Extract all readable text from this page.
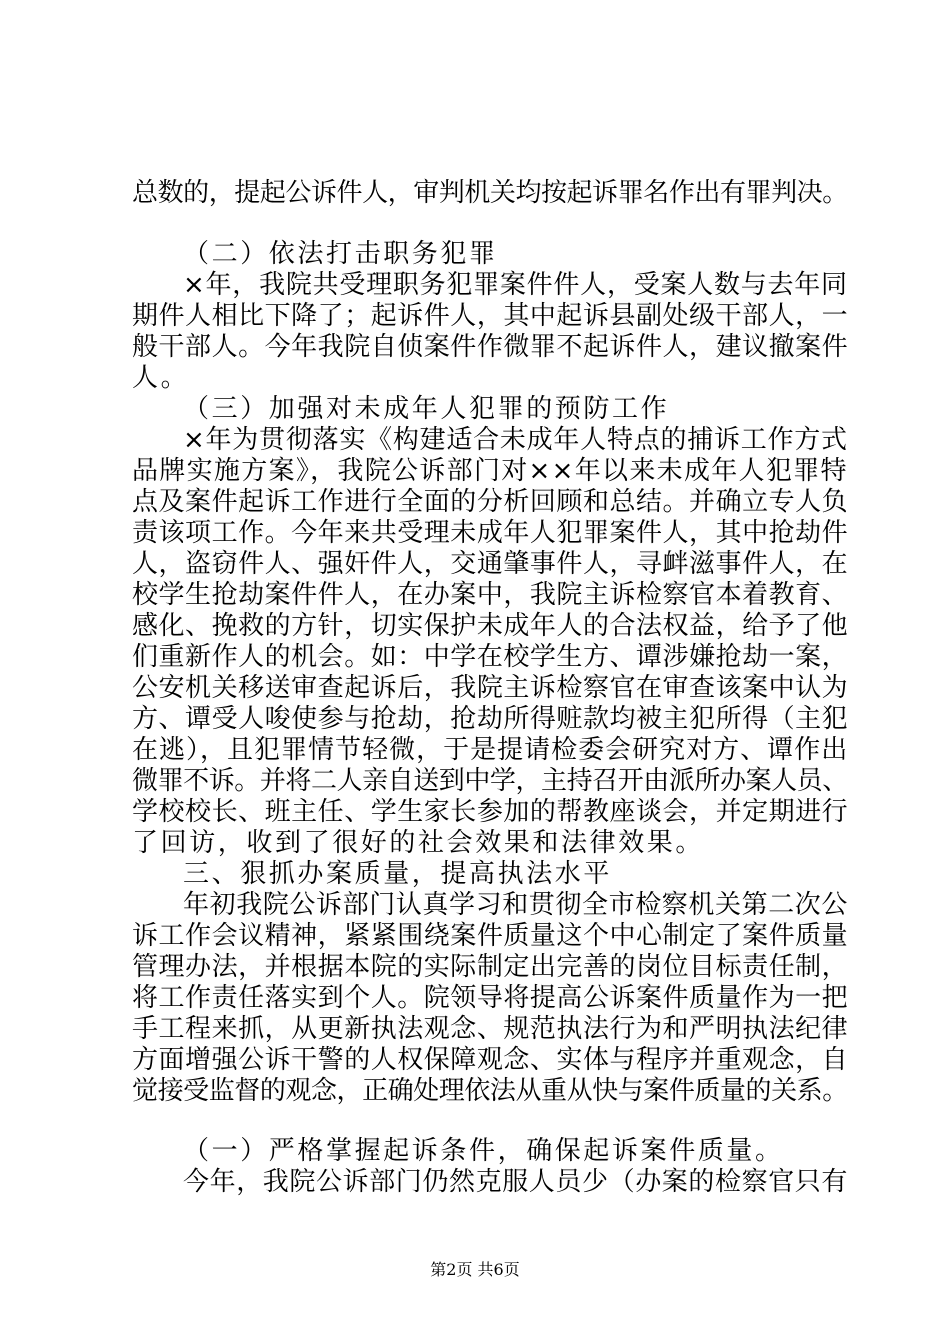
总数的，提起公诉件人，审判机关均按起诉罪名作出有罪判决。
（二）依法打击职务犯罪
×年，我院共受理职务犯罪案件件人，受案人数与去年同
期件人相比下降了；起诉件人，其中起诉县副处级干部人，一
般干部人。今年我院自侦案件作微罪不起诉件人，建议撤案件
人。
（三）加强对未成年人犯罪的预防工作
×年为贯彻落实《构建适合未成年人特点的捕诉工作方式
品牌实施方案》，我院公诉部门对××年以来未成年人犯罪特
点及案件起诉工作进行全面的分析回顾和总结。并确立专人负
责该项工作。今年来共受理未成年人犯罪案件人，其中抢劫件
人，盗窃件人、强奸件人，交通肇事件人，寻衅滋事件人，在
校学生抢劫案件件人，在办案中，我院主诉检察官本着教育、
感化、挽救的方针，切实保护未成年人的合法权益，给予了他
们重新作人的机会。如：中学在校学生方、谭涉嫌抢劫一案，
公安机关移送审查起诉后，我院主诉检察官在审查该案中认为
方、谭受人唆使参与抢劫，抢劫所得赃款均被主犯所得（主犯
在逃），且犯罪情节轻微，于是提请检委会研究对方、谭作出
微罪不诉。并将二人亲自送到中学，主持召开由派所办案人员、
学校校长、班主任、学生家长参加的帮教座谈会，并定期进行
了回访，收到了很好的社会效果和法律效果。
三、狠抓办案质量，提高执法水平
年初我院公诉部门认真学习和贯彻全市检察机关第二次公
诉工作会议精神，紧紧围绕案件质量这个中心制定了案件质量
管理办法，并根据本院的实际制定出完善的岗位目标责任制，
将工作责任落实到个人。院领导将提高公诉案件质量作为一把
手工程来抓，从更新执法观念、规范执法行为和严明执法纪律
方面增强公诉干警的人权保障观念、实体与程序并重观念，自
觉接受监督的观念，正确处理依法从重从快与案件质量的关系。
（一）严格掌握起诉条件，确保起诉案件质量。
今年，我院公诉部门仍然克服人员少（办案的检察官只有
第2页 共6页
